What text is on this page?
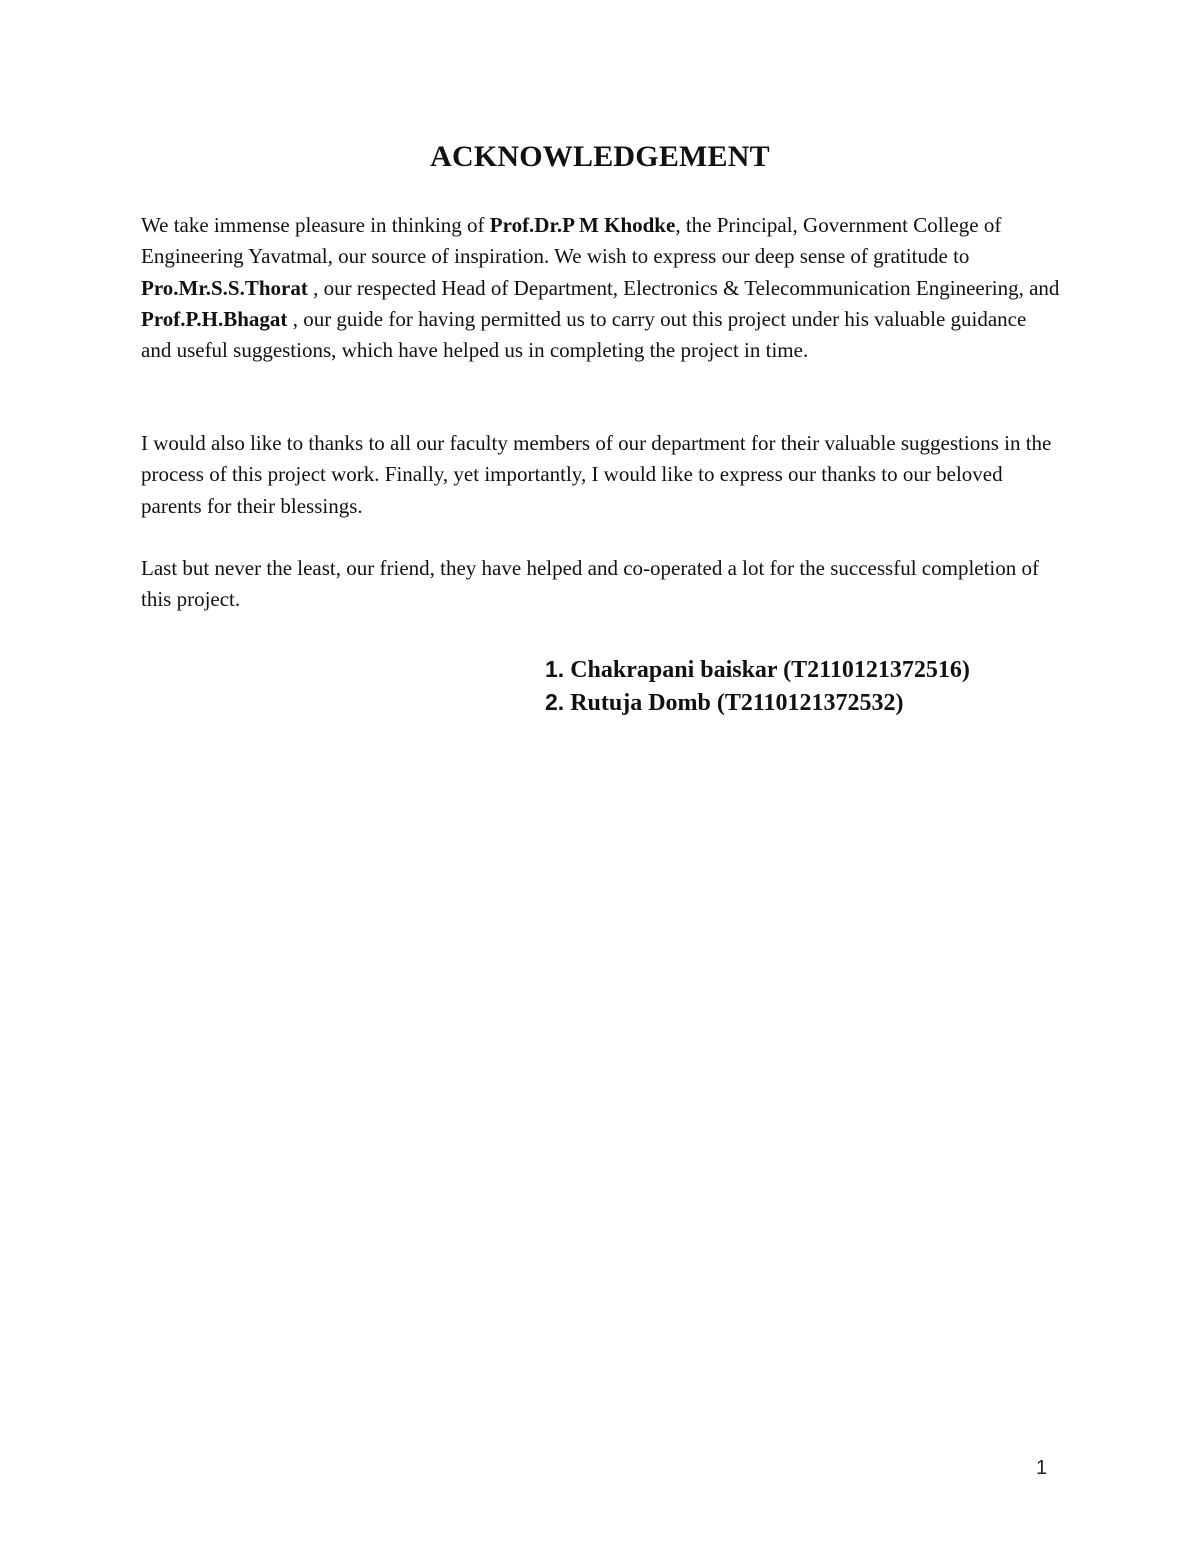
ACKNOWLEDGEMENT

We take immense pleasure in thinking of Prof.Dr.P M Khodke, the Principal, Government College of Engineering Yavatmal, our source of inspiration. We wish to express our deep sense of gratitude to Pro.Mr.S.S.Thorat , our respected Head of Department, Electronics & Telecommunication Engineering, and Prof.P.H.Bhagat , our guide for having permitted us to carry out this project under his valuable guidance and useful suggestions, which have helped us in completing the project in time.

I would also like to thanks to all our faculty members of our department for their valuable suggestions in the process of this project work. Finally, yet importantly, I would like to express our thanks to our beloved parents for their blessings.

Last but never the least, our friend, they have helped and co-operated a lot for the successful completion of this project.

1. Chakrapani baiskar (T2110121372516)
2. Rutuja Domb (T2110121372532)
1
